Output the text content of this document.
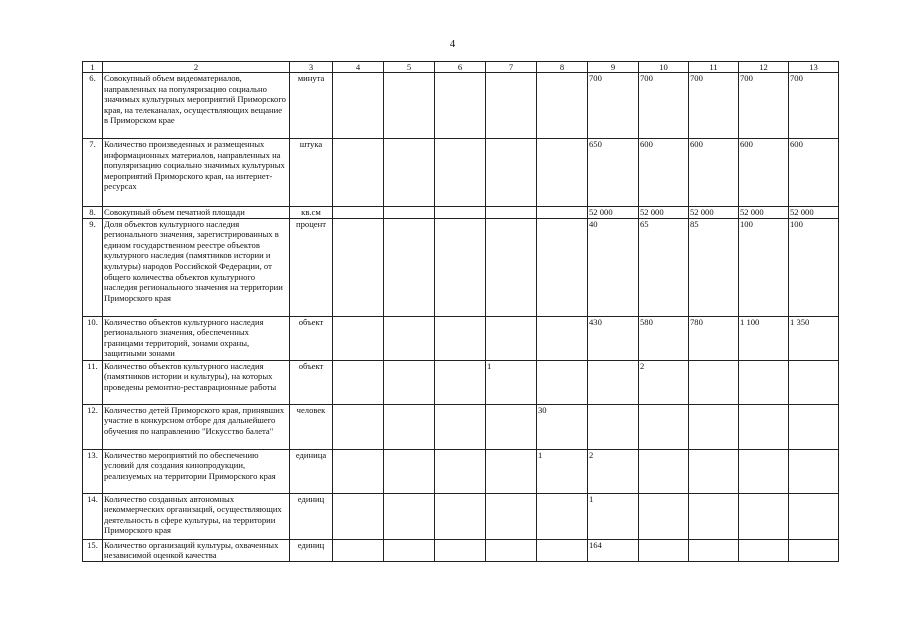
4
1	2	3	4	5	6	7	8	9	10	11	12	13
6.	Совокупный объем видеоматериалов, направленных на популяризацию социально значимых культурных мероприятий Приморского края, на телеканалах, осуществляющих вещание в Приморском крае	минута						700	700	700	700	700
7.	Количество произведенных и размещенных информационных материалов, направленных на популяризацию социально значимых культурных мероприятий Приморского края, на интернет-ресурсах	штука						650	600	600	600	600
8.	Совокупный объем печатной площади	кв.см						52 000	52 000	52 000	52 000	52 000
9.	Доля объектов культурного наследия регионального значения, зарегистрированных в едином государственном реестре объектов культурного наследия (памятников истории и культуры) народов Российской Федерации, от общего количества объектов культурного наследия регионального значения на территории Приморского края	процент						40	65	85	100	100
10.	Количество объектов культурного наследия регионального значения, обеспеченных границами территорий, зонами охраны, защитными зонами	объект						430	580	780	1 100	1 350
11.	Количество объектов культурного наследия (памятников истории и культуры), на которых проведены ремонтно-реставрационные работы	объект				1			2			
12.	Количество детей Приморского края, принявших участие в конкурсном отборе для дальнейшего обучения по направлению "Искусство балета"	человек					30					
13.	Количество мероприятий по обеспечению условий для создания кинопродукции, реализуемых на территории Приморского края	единица					1	2				
14.	Количество созданных автономных некоммерческих организаций, осуществляющих деятельность в сфере культуры, на территории Приморского края	единиц						1				
15.	Количество организаций культуры, охваченных независимой оценкой качества	единиц						164				
